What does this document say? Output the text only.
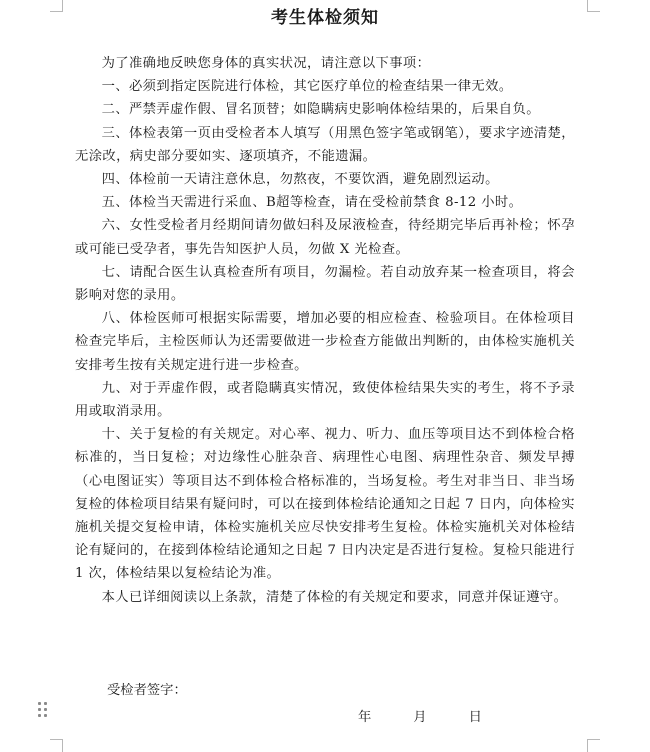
考生体检须知

为了准确地反映您身体的真实状况，请注意以下事项：

一、必须到指定医院进行体检，其它医疗单位的检查结果一律无效。

二、严禁弄虚作假、冒名顶替；如隐瞒病史影响体检结果的，后果自负。

三、体检表第一页由受检者本人填写（用黑色签字笔或钢笔），要求字迹清楚，无涂改，病史部分要如实、逐项填齐，不能遗漏。

四、体检前一天请注意休息，勿熬夜，不要饮酒，避免剧烈运动。

五、体检当天需进行采血、B超等检查，请在受检前禁食 8-12 小时。

六、女性受检者月经期间请勿做妇科及尿液检查，待经期完毕后再补检；怀孕或可能已受孕者，事先告知医护人员，勿做 X 光检查。

七、请配合医生认真检查所有项目，勿漏检。若自动放弃某一检查项目，将会影响对您的录用。

八、体检医师可根据实际需要，增加必要的相应检查、检验项目。在体检项目检查完毕后，主检医师认为还需要做进一步检查方能做出判断的，由体检实施机关安排考生按有关规定进行进一步检查。

九、对于弄虚作假，或者隐瞒真实情况，致使体检结果失实的考生，将不予录用或取消录用。

十、关于复检的有关规定。对心率、视力、听力、血压等项目达不到体检合格标准的，当日复检；对边缘性心脏杂音、病理性心电图、病理性杂音、频发早搏（心电图证实）等项目达不到体检合格标准的，当场复检。考生对非当日、非当场复检的体检项目结果有疑问时，可以在接到体检结论通知之日起 7 日内，向体检实施机关提交复检申请，体检实施机关应尽快安排考生复检。体检实施机关对体检结论有疑问的，在接到体检结论通知之日起 7 日内决定是否进行复检。复检只能进行 1 次，体检结果以复检结论为准。

本人已详细阅读以上条款，清楚了体检的有关规定和要求，同意并保证遵守。

受检者签字：
年	月	日
